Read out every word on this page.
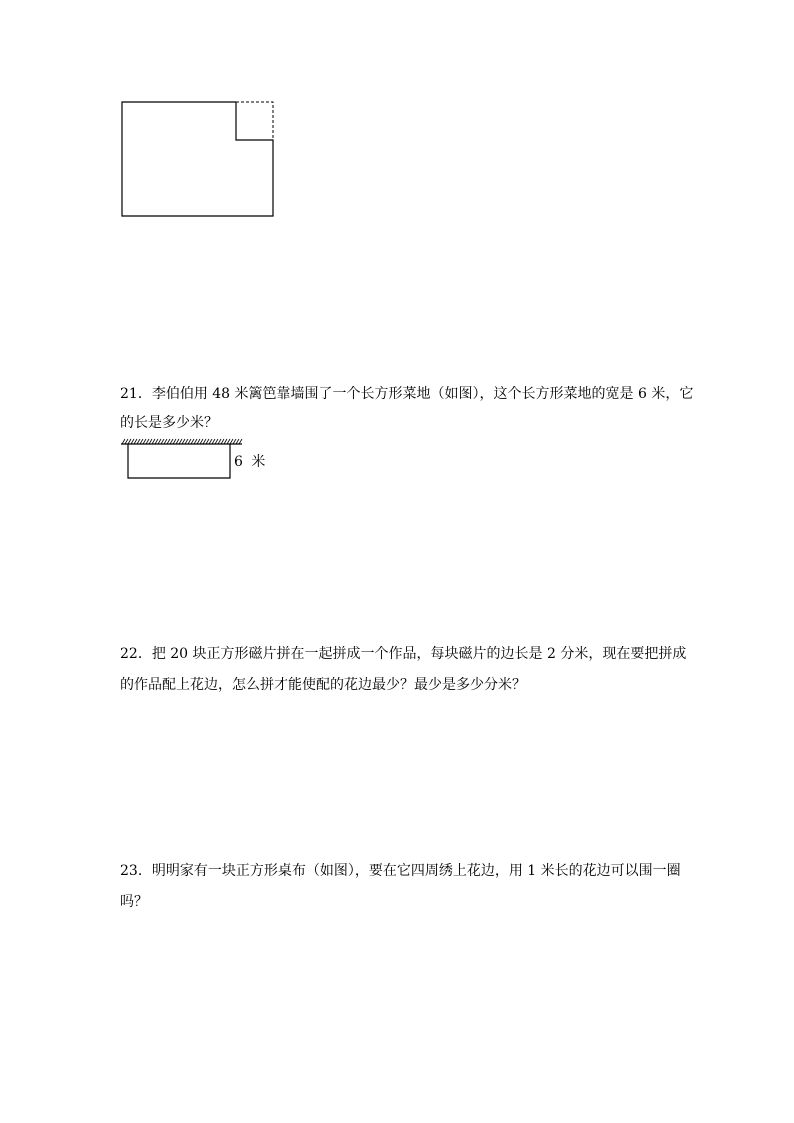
21．李伯伯用 48 米篱笆靠墙围了一个长方形菜地（如图），这个长方形菜地的宽是 6 米，它
的长是多少米？
6 米
22．把 20 块正方形磁片拼在一起拼成一个作品，每块磁片的边长是 2 分米，现在要把拼成
的作品配上花边，怎么拼才能使配的花边最少？最少是多少分米？
23．明明家有一块正方形桌布（如图），要在它四周绣上花边，用 1 米长的花边可以围一圈
吗？
